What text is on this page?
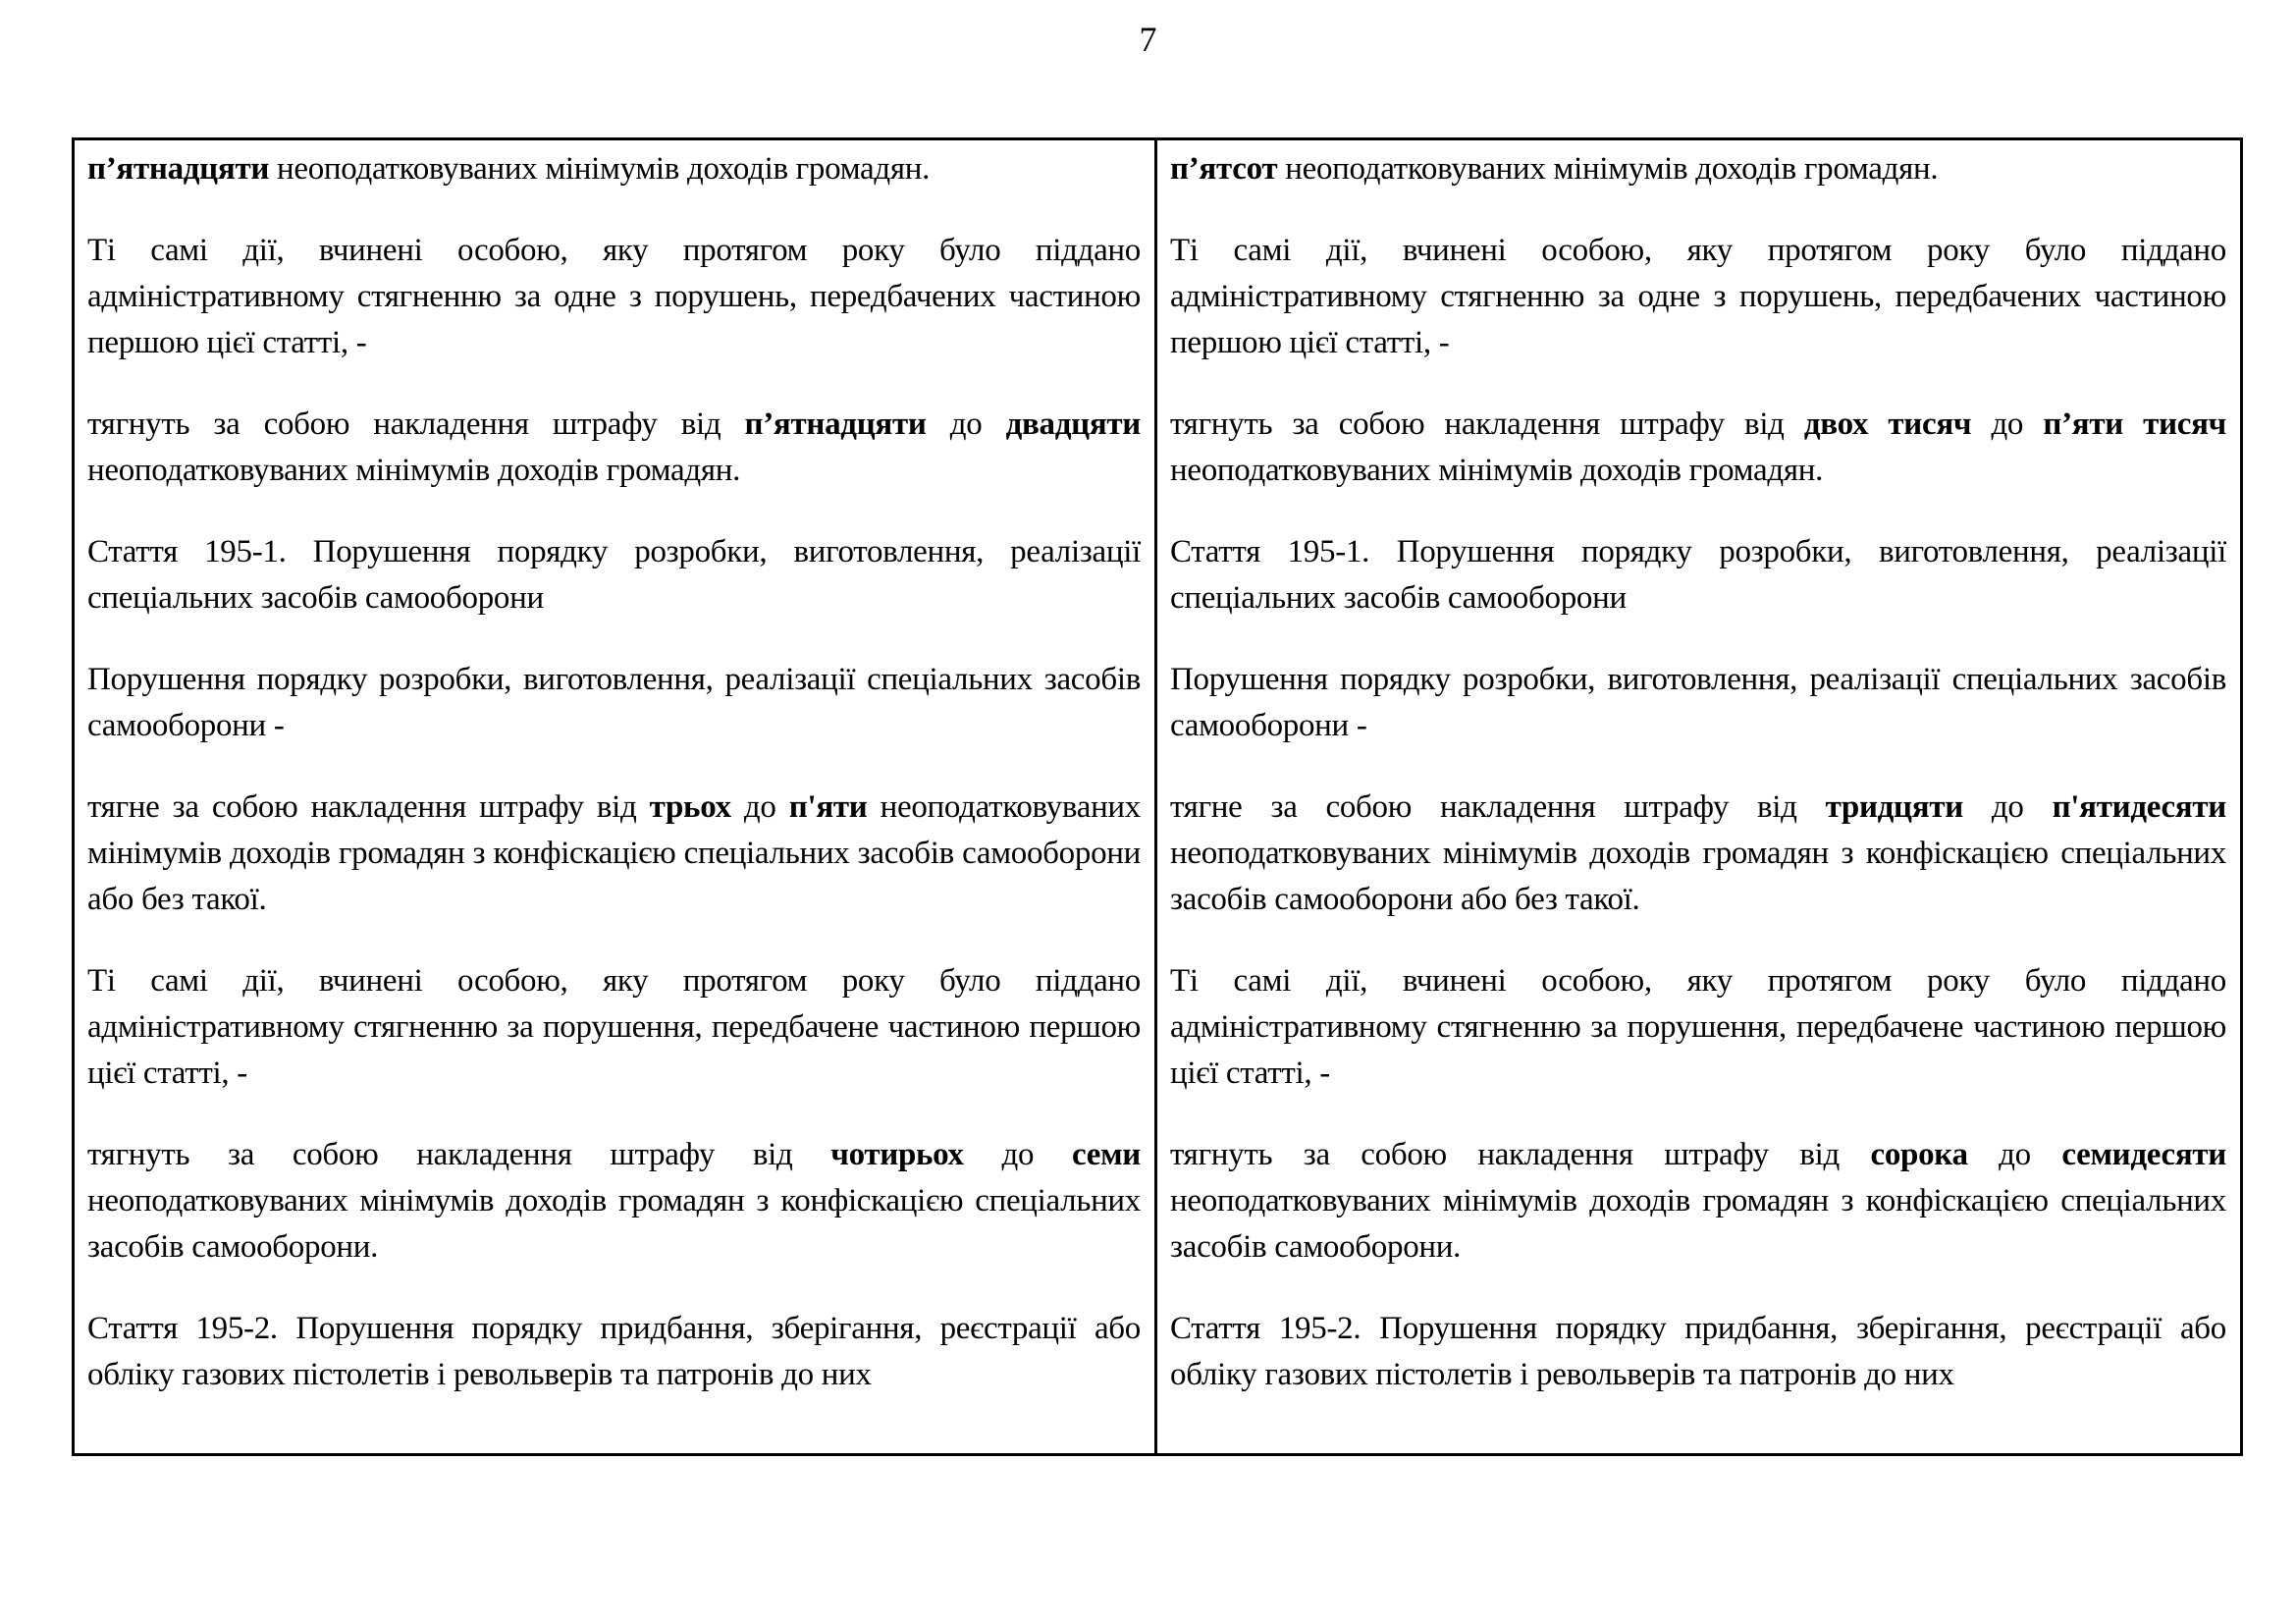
7
п’ятнадцяти неоподатковуваних мінімумів доходів громадян.
Ті самі дії, вчинені особою, яку протягом року було піддано адміністративному стягненню за одне з порушень, передбачених частиною першою цієї статті, -
тягнуть за собою накладення штрафу від п’ятнадцяти до двадцяти неоподатковуваних мінімумів доходів громадян.
Стаття 195-1. Порушення порядку розробки, виготовлення, реалізації спеціальних засобів самооборони
Порушення порядку розробки, виготовлення, реалізації спеціальних засобів самооборони -
тягне за собою накладення штрафу від трьох до п'яти неоподатковуваних мінімумів доходів громадян з конфіскацією спеціальних засобів самооборони або без такої.
Ті самі дії, вчинені особою, яку протягом року було піддано адміністративному стягненню за порушення, передбачене частиною першою цієї статті, -
тягнуть за собою накладення штрафу від чотирьох до семи неоподатковуваних мінімумів доходів громадян з конфіскацією спеціальних засобів самооборони.
Стаття 195-2. Порушення порядку придбання, зберігання, реєстрації або обліку газових пістолетів і револьверів та патронів до них
п’ятсот неоподатковуваних мінімумів доходів громадян.
Ті самі дії, вчинені особою, яку протягом року було піддано адміністративному стягненню за одне з порушень, передбачених частиною першою цієї статті, -
тягнуть за собою накладення штрафу від двох тисяч до п’яти тисяч неоподатковуваних мінімумів доходів громадян.
Стаття 195-1. Порушення порядку розробки, виготовлення, реалізації спеціальних засобів самооборони
Порушення порядку розробки, виготовлення, реалізації спеціальних засобів самооборони -
тягне за собою накладення штрафу від тридцяти до п'ятидесяти неоподатковуваних мінімумів доходів громадян з конфіскацією спеціальних засобів самооборони або без такої.
Ті самі дії, вчинені особою, яку протягом року було піддано адміністративному стягненню за порушення, передбачене частиною першою цієї статті, -
тягнуть за собою накладення штрафу від сорока до семидесяти неоподатковуваних мінімумів доходів громадян з конфіскацією спеціальних засобів самооборони.
Стаття 195-2. Порушення порядку придбання, зберігання, реєстрації або обліку газових пістолетів і револьверів та патронів до них
